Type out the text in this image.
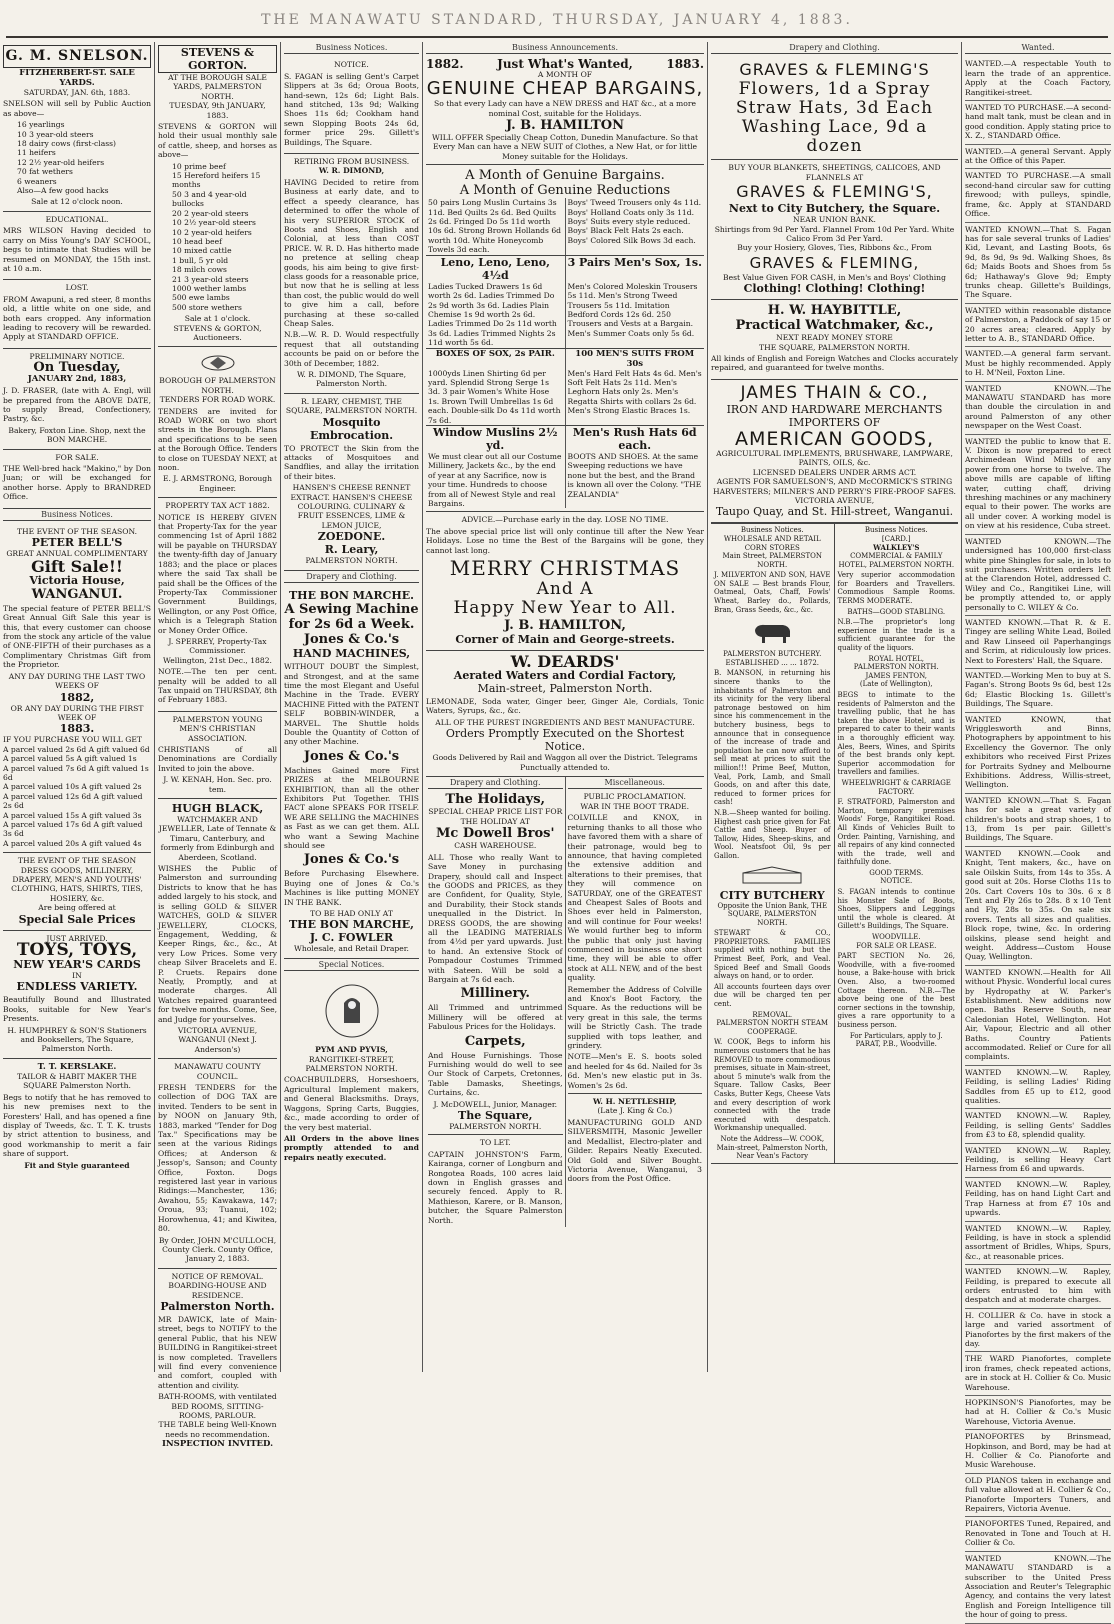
THE MANAWATU STANDARD, THURSDAY, JANUARY 4, 1883.
G. M. SNELSON.
FITZHERBERT-ST. SALE YARDS.
SATURDAY, JAN. 6th, 1883.
SNELSON will sell by Public Auction as above—
16 yearlings
10 3 year-old steers
18 dairy cows (first-class)
11 heifers
12 2½ year-old heifers
70 fat wethers
6 weaners
Also—A few good hacks
Sale at 12 o'clock noon.
EDUCATIONAL.
MRS WILSON Having decided to carry on Miss Young's DAY SCHOOL, begs to intimate that Studies will be resumed on MONDAY, the 15th inst. at 10 a.m.
LOST.
FROM Awapuni, a red steer, 8 months old, a little white on one side, and both ears cropped. Any information leading to recovery will be rewarded. Apply at STANDARD OFFICE.
PRELIMINARY NOTICE.
On Tuesday,
JANUARY 2nd, 1883,
J. D. FRASER, (late with A. Engl, will be prepared from the ABOVE DATE, to supply Bread, Confectionery, Pastry, &c.
Bakery, Foxton Line. Shop, next the BON MARCHE.
FOR SALE.
THE Well-bred hack "Makino," by Don Juan; or will be exchanged for another horse. Apply to BRANDRED Office.
Business Notices.
THE EVENT OF THE SEASON.
PETER BELL'S
GREAT ANNUAL COMPLIMENTARY
Gift Sale!!
Victoria House,
WANGANUI.
The special feature of PETER BELL'S Great Annual Gift Sale this year is this, that every customer can choose from the stock any article of the value of ONE-FIFTH of their purchases as a Complimentary Christmas Gift from the Proprietor.
ANY DAY DURING THE LAST TWO WEEKS OF
1882,
OR ANY DAY DURING THE FIRST WEEK OF
1883.
IF YOU PURCHASE YOU WILL GET
A parcel valued 2s 6d A gift valued 6d
A parcel valued 5s A gift valued 1s
A parcel valued 7s 6d A gift valued 1s 6d
A parcel valued 10s A gift valued 2s
A parcel valued 12s 6d A gift valued 2s 6d
A parcel valued 15s A gift valued 3s
A parcel valued 17s 6d A gift valued 3s 6d
A parcel valued 20s A gift valued 4s
THE EVENT OF THE SEASON
DRESS GOODS, MILLINERY, DRAPERY, MEN'S AND YOUTHS' CLOTHING, HATS, SHIRTS, TIES, HOSIERY, &c.
Are being offered at
Special Sale Prices
JUST ARRIVED.
TOYS, TOYS,
NEW YEAR'S CARDS
IN
ENDLESS VARIETY.
Beautifully Bound and Illustrated Books, suitable for New Year's Presents.
H. HUMPHREY & SON'S Stationers and Booksellers, The Square, Palmerston North.
T. T. KERSLAKE.
TAILOR & HABIT MAKER THE SQUARE Palmerston North.
Begs to notify that he has removed to his new premises next to the Foresters' Hall, and has opened a fine display of Tweeds, &c. T. T. K. trusts by strict attention to business, and good workmanship to merit a fair share of support.
Fit and Style guaranteed
STEVENS & GORTON.
AT THE BOROUGH SALE YARDS, PALMERSTON NORTH.
TUESDAY, 9th JANUARY, 1883.
STEVENS & GORTON will hold their usual monthly sale of cattle, sheep, and horses as above—
10 prime beef
15 Hereford heifers 15 months
50 3 and 4 year-old bullocks
20 2 year-old steers
10 2½ year-old steers
10 2 year-old heifers
10 head beef
10 mixed cattle
1 bull, 5 yr old
18 milch cows
21 3 year-old steers
1000 wether lambs
500 ewe lambs
500 store wethers
Sale at 1 o'clock.
STEVENS & GORTON, Auctioneers.
BOROUGH OF PALMERSTON NORTH.
TENDERS FOR ROAD WORK.
TENDERS are invited for ROAD WORK on two short streets in the Borough. Plans and specifications to be seen at the Borough Office. Tenders to close on TUESDAY NEXT, at noon.
E. J. ARMSTRONG, Borough Engineer.
PROPERTY TAX ACT 1882.
NOTICE IS HEREBY GIVEN that Property-Tax for the year commencing 1st of April 1882 will be payable on THURSDAY the twenty-fifth day of January 1883; and the place or places where the said Tax shall be paid shall be the Offices of the Property-Tax Commissioner Government Buildings, Wellington, or any Post Office, which is a Telegraph Station or Money Order Office.
J. SPERREY, Property-Tax Commissioner.
Wellington, 21st Dec., 1882.
NOTE.—The ten per cent. penalty will be added to all Tax unpaid on THURSDAY, 8th of February 1883.
PALMERSTON YOUNG MEN'S CHRISTIAN ASSOCIATION.
CHRISTIANS of all Denominations are Cordially Invited to join the above.
J. W. KENAH, Hon. Sec. pro. tem.
HUGH BLACK,
WATCHMAKER AND JEWELLER, Late of Tennate & Timaru, Canterbury, and formerly from Edinburgh and Aberdeen, Scotland.
WISHES the Public of Palmerston and surrounding Districts to know that he has added largely to his stock, and is selling GOLD & SILVER WATCHES, GOLD & SILVER JEWELLERY, CLOCKS, Engagement, Wedding, & Keeper Rings, &c., &c., At very Low Prices. Some very cheap Silver Bracelets and E. P. Cruets. Repairs done Neatly, Promptly, and at moderate charges. All Watches repaired guaranteed for twelve months. Come, See, and Judge for yourselves.
VICTORIA AVENUE, WANGANUI (Next J. Anderson's)
MANAWATU COUNTY COUNCIL.
FRESH TENDERS for the collection of DOG TAX are invited. Tenders to be sent in by NOON on January 9th, 1883, marked "Tender for Dog Tax." Specifications may be seen at the various Ridings Offices; at Anderson & Jessop's, Sanson; and County Office, Foxton. Dogs registered last year in various Ridings:—Manchester, 136; Awahou, 55; Kawakawa, 147; Oroua, 93; Tuanui, 102; Horowhenua, 41; and Kiwitea, 80.
By Order, JOHN M'CULLOCH, County Clerk. County Office, January 2, 1883.
NOTICE OF REMOVAL.
BOARDING-HOUSE AND RESIDENCE.
Palmerston North.
MR DAWICK, late of Main-street, begs to NOTIFY to the general Public, that his NEW BUILDING in Rangitikei-street is now completed. Travellers will find every convenience and comfort, coupled with attention and civility.
BATH-ROOMS, with ventilated BED ROOMS, SITTING-ROOMS, PARLOUR.
THE TABLE being Well-Known needs no recommendation.
INSPECTION INVITED.
Business Notices.
NOTICE.
S. FAGAN is selling Gent's Carpet Slippers at 3s 6d; Oroua Boots, hand-sewn, 12s 6d; Light Bals. hand stitched, 13s 9d; Walking Shoes 11s 6d; Cookham hand sewn Slopping Boots 24s 6d, former price 29s. Gillett's Buildings, The Square.
RETIRING FROM BUSINESS.
W. R. DIMOND,
HAVING Decided to retire from Business at early date, and to effect a speedy clearance, has determined to offer the whole of his very SUPERIOR STOCK of Boots and Shoes, English and Colonial, at less than COST PRICE. W. R. D. Has hitherto made no pretence at selling cheap goods, his aim being to give first-class goods for a reasonable price, but now that he is selling at less than cost, the public would do well to give him a call, before purchasing at these so-called Cheap Sales.
N.B.—W. R. D. Would respectfully request that all outstanding accounts be paid on or before the 30th of December, 1882.
W. R. DIMOND, The Square, Palmerston North.
R. LEARY, CHEMIST, THE SQUARE, PALMERSTON NORTH.
Mosquito Embrocation.
TO PROTECT the Skin from the attacks of Mosquitoes and Sandflies, and allay the irritation of their bites.
HANSEN'S CHEESE RENNET EXTRACT. HANSEN'S CHEESE COLOURING. CULINARY & FRUIT ESSENCES, LIME & LEMON JUICE,
ZOEDONE.
R. Leary,
PALMERSTON NORTH.
Drapery and Clothing.
THE BON MARCHE.
A Sewing Machine for 2s 6d a Week.
Jones & Co.'s
HAND MACHINES,
WITHOUT DOUBT the Simplest, and Strongest, and at the same time the most Elegant and Useful Machine in the Trade. EVERY MACHINE Fitted with the PATENT SELF BOBBIN-WINDER, a MARVEL. The Shuttle holds Double the Quantity of Cotton of any other Machine.
Jones & Co.'s
Machines Gained more First PRIZES at the MELBOURNE EXHIBITION, than all the other Exhibitors Put Together. THIS FACT alone SPEAKS FOR ITSELF. WE ARE SELLING the MACHINES as Fast as we can get them. ALL who want a Sewing Machine should see
Jones & Co.'s
Before Purchasing Elsewhere. Buying one of Jones & Co.'s Machines is like putting MONEY IN THE BANK.
TO BE HAD ONLY AT
THE BON MARCHE,
J. C. FOWLER
Wholesale, and Retail Draper.
Special Notices.
PYM AND PYVIS,
RANGITIKEI-STREET, PALMERSTON NORTH.
COACHBUILDERS, Horseshoers, Agricultural Implement makers, and General Blacksmiths. Drays, Waggons, Spring Carts, Buggies, &c., made according to order of the very best material.
All Orders in the above lines promptly attended to and repairs neatly executed.
Business Announcements.
1882.	Just What's Wanted,	1883.
A MONTH OF
GENUINE CHEAP BARGAINS,
So that every Lady can have a NEW DRESS and HAT &c., at a more nominal Cost, suitable for the Holidays.
J. B. HAMILTON
WILL OFFER Specially Cheap Cotton, Dunedin Manufacture. So that Every Man can have a NEW SUIT of Clothes, a New Hat, or for little Money suitable for the Holidays.
A Month of Genuine Bargains.
A Month of Genuine Reductions
50 pairs Long Muslin Curtains 3s 11d. Bed Quilts 2s 6d. Bed Quilts 2s 6d. Fringed Do 5s 11d worth 10s 6d. Strong Brown Hollands 6d worth 10d. White Honeycomb Towels 3d each.
Boys' Tweed Trousers only 4s 11d. Boys' Holland Coats only 3s 11d. Boys' Suits every style reduced. Boys' Black Felt Hats 2s each. Boys' Colored Silk Bows 3d each.
Leno, Leno, Leno, 4½d
3 Pairs Men's Sox, 1s.
Ladies Tucked Drawers 1s 6d worth 2s 6d. Ladies Trimmed Do 2s 9d worth 3s 6d. Ladies Plain Chemise 1s 9d worth 2s 6d. Ladies Trimmed Do 2s 11d worth 3s 6d. Ladies Trimmed Nights 2s 11d worth 5s 6d.
Men's Colored Moleskin Trousers 5s 11d. Men's Strong Tweed Trousers 5s 11d. Imitation Bedford Cords 12s 6d. 250 Trousers and Vests at a Bargain. Men's Summer Coats only 5s 6d.
BOXES OF SOX, 2s PAIR.	100 MEN'S SUITS FROM 30s
1000yds Linen Shirting 6d per yard. Splendid Strong Serge 1s 3d. 3 pair Women's White Hose 1s. Brown Twill Umbrellas 1s 6d each. Double-silk Do 4s 11d worth 7s 6d.
Men's Hard Felt Hats 4s 6d. Men's Soft Felt Hats 2s 11d. Men's Leghorn Hats only 2s. Men's Regatta Shirts with collars 2s 6d. Men's Strong Elastic Braces 1s.
Window Muslins 2½ yd.
Men's Rush Hats 6d each.
We must clear out all our Costume Millinery, Jackets &c., by the end of year at any Sacrifice, now is your time. Hundreds to choose from all of Newest Style and real Bargains.
BOOTS AND SHOES. At the same Sweeping reductions we have none but the best, and the Brand is known all over the Colony. "THE ZEALANDIA"
ADVICE.—Purchase early in the day. LOSE NO TIME.
The above special price list will only continue till after the New Year Holidays. Lose no time the Best of the Bargains will be gone, they cannot last long.
MERRY CHRISTMAS
And A
Happy New Year to All.
J. B. HAMILTON,
Corner of Main and George-streets.
W. DEARDS'
Aerated Waters and Cordial Factory,
Main-street, Palmerston North.
LEMONADE, Soda water, Ginger beer, Ginger Ale, Cordials, Tonic Waters, Syrups, &c., &c.
ALL OF THE PUREST INGREDIENTS AND BEST MANUFACTURE.
Orders Promptly Executed on the Shortest Notice.
Goods Delivered by Rail and Waggon all over the District. Telegrams Punctually attended to.
Drapery and Clothing.
The Holidays,
SPECIAL CHEAP PRICE LIST FOR THE HOLIDAY AT
Mc Dowell Bros'
CASH WAREHOUSE.
ALL Those who really Want to Save Money in purchasing Drapery, should call and Inspect the GOODS and PRICES, as they are Confident, for Quality, Style, and Durability, their Stock stands unequalled in the District. In DRESS GOODS, the are showing all the LEADING MATERIALS from 4½d per yard upwards. Just to hand. An extensive Stock of Pompadour Costumes Trimmed with Sateen. Will be sold a Bargain at 7s 6d each.
Millinery.
All Trimmed and untrimmed Millinery will be offered at Fabulous Prices for the Holidays.
Carpets,
And House Furnishings. Those Furnishing would do well to see Our Stock of Carpets, Cretonnes, Table Damasks, Sheetings, Curtains, &c.
J. McDOWELL, Junior, Manager.
The Square,
PALMERSTON NORTH.
TO LET.
CAPTAIN JOHNSTON'S Farm, Kairanga, corner of Longburn and Rongotea Roads, 100 acres laid down in English grasses and securely fenced. Apply to R. Mathieson, Karere, or B. Manson, butcher, the Square Palmerston North.
Miscellaneous.
PUBLIC PROCLAMATION.
WAR IN THE BOOT TRADE.
COLVILLE and KNOX, in returning thanks to all those who have favored them with a share of their patronage, would beg to announce, that having completed the extensive addition and alterations to their premises, that they will commence on SATURDAY, one of the GREATEST and Cheapest Sales of Boots and Shoes ever held in Palmerston, and will continue for Four weeks! We would further beg to inform the public that only just having commenced in business one short time, they will be able to offer stock at ALL NEW, and of the best quality.
Remember the Address of Colville and Knox's Boot Factory, the Square. As the reductions will be very great in this sale, the terms will be Strictly Cash. The trade supplied with tops leather, and grindery.
NOTE—Men's E. S. boots soled and heeled for 4s 6d. Nailed for 3s 6d. Men's new elastic put in 3s. Women's 2s 6d.
W. H. NETTLESHIP,
(Late J. King & Co.)
MANUFACTURING GOLD AND SILVERSMITH, Masonic Jeweller and Medallist, Electro-plater and Gilder. Repairs Neatly Executed. Old Gold and Silver Bought. Victoria Avenue, Wanganui, 3 doors from the Post Office.
Drapery and Clothing.
GRAVES & FLEMING'S
Flowers, 1d a Spray
Straw Hats, 3d Each
Washing Lace, 9d a dozen
BUY YOUR BLANKETS, SHEETINGS, CALICOES, AND FLANNELS AT
GRAVES & FLEMING'S,
Next to City Butchery, the Square.
NEAR UNION BANK.
Shirtings from 9d Per Yard. Flannel From 10d Per Yard. White Calico From 3d Per Yard.
Buy your Hosiery, Gloves, Ties, Ribbons &c., From
GRAVES & FLEMING,
Best Value Given FOR CASH, in Men's and Boys' Clothing
Clothing! Clothing! Clothing!
H. W. HAYBITTLE,
Practical Watchmaker, &c.,
NEXT READY MONEY STORE
THE SQUARE, PALMERSTON NORTH.
All kinds of English and Foreign Watches and Clocks accurately repaired, and guaranteed for twelve months.
JAMES THAIN & CO.,
IRON AND HARDWARE MERCHANTS
IMPORTERS OF
AMERICAN GOODS,
AGRICULTURAL IMPLEMENTS, BRUSHWARE, LAMPWARE, PAINTS, OILS, &c.
LICENSED DEALERS UNDER ARMS ACT.
AGENTS FOR SAMUELSON'S, AND McCORMICK'S STRING HARVESTERS; MILNER'S AND PERRY'S FIRE-PROOF SAFES.
VICTORIA AVENUE,
Taupo Quay, and St. Hill-street, Wanganui.
Business Notices.
WHOLESALE AND RETAIL CORN STORES
Main Street, PALMERSTON NORTH.
J. MILVERTON AND SON, HAVE ON SALE — Best brands Flour, Oatmeal, Oats, Chaff, Fowls' Wheat, Barley do., Pollards, Bran, Grass Seeds, &c., &c.
PALMERSTON BUTCHERY.
ESTABLISHED ... ... 1872.
B. MANSON, in returning his sincere thanks to the inhabitants of Palmerston and its vicinity for the very liberal patronage bestowed on him since his commencement in the butchery business, begs to announce that in consequence of the increase of trade and population he can now afford to sell meat at prices to suit the million!!! Prime Beef, Mutton, Veal, Pork, Lamb, and Small Goods, on and after this date, reduced to former prices for cash!
N.B.—Sheep wanted for boiling. Highest cash price given for Fat Cattle and Sheep. Buyer of Tallow, Hides, Sheep-skins, and Wool. Neatsfoot Oil, 9s per Gallon.
CITY BUTCHERY
Opposite the Union Bank, THE SQUARE, PALMERSTON NORTH.
STEWART & CO., PROPRIETORS. FAMILIES supplied with nothing but the Primest Beef, Pork, and Veal. Spiced Beef and Small Goods always on hand, or to order.
All accounts fourteen days over due will be charged ten per cent.
REMOVAL.
PALMERSTON NORTH STEAM COOPERAGE.
W. COOK, Begs to inform his numerous customers that he has REMOVED to more commodious premises, situate in Main-street, about 5 minute's walk from the Square. Tallow Casks, Beer Casks, Butter Kegs, Cheese Vats and every description of work connected with the trade executed with despatch. Workmanship unequalled.
Note the Address—W. COOK, Main-street, Palmerston North, Near Vean's Factory
Business Notices.
[CARD.]
WALKLEY'S
COMMERCIAL & FAMILY HOTEL, PALMERSTON NORTH.
Very superior accommodation for Boarders and Travellers. Commodious Sample Rooms. TERMS MODERATE.
BATHS—GOOD STABLING.
N.B.—The proprietor's long experience in the trade is a sufficient guarantee for the quality of the liquors.
ROYAL HOTEL,
PALMERSTON NORTH.
JAMES FENTON,
(Late of Wellington),
BEGS to intimate to the residents of Palmerston and the travelling public, that he has taken the above Hotel, and is prepared to cater to their wants in a thoroughly efficient way. Ales, Beers, Wines, and Spirits of the best brands only kept. Superior accommodation for travellers and families.
WHEELWRIGHT & CARRIAGE FACTORY.
F. STRATFORD, Palmerston and Marton, temporary premises Woods' Forge, Rangitikei Road. All Kinds of Vehicles Built to Order. Painting, Varnishing, and all repairs of any kind connected with the trade, well and faithfully done.
GOOD TERMS.
NOTICE.
S. FAGAN intends to continue his Monster Sale of Boots, Shoes, Slippers and Leggings until the whole is cleared. At Gillett's Buildings, The Square.
WOODVILLE.
FOR SALE OR LEASE.
PART SECTION No. 26, Woodville, with a five-roomed house, a Bake-house with brick Oven. Also, a two-roomed Cottage thereon. N.B.—The above being one of the best corner sections in the township, gives a rare opportunity to a business person.
For Particulars, apply to J. PARAT, P.B., Woodville.
Wanted.
WANTED.—A respectable Youth to learn the trade of an apprentice. Apply at the Coach Factory, Rangitikei-street.
WANTED TO PURCHASE.—A second-hand malt tank, must be clean and in good condition. Apply stating price to X. Z., STANDARD Office.
WANTED.—A general Servant. Apply at the Office of this Paper.
WANTED TO PURCHASE.—A small second-hand circular saw for cutting firewood; with pulleys, spindle, frame, &c. Apply at STANDARD Office.
WANTED KNOWN.—That S. Fagan has for sale several trunks of Ladies' Kid, Levant, and Lasting Boots, 6s 9d, 8s 9d, 9s 9d. Walking Shoes, 8s 6d; Maids Boots and Shoes from 5s 6d; Hathaway's Glove 9d; Empty trunks cheap. Gillette's Buildings, The Square.
WANTED within reasonable distance of Palmerston, a Paddock of say 15 or 20 acres area; cleared. Apply by letter to A. B., STANDARD Office.
WANTED.—A general farm servant. Must be highly recommended. Apply to H. M'Neil, Foxton Line.
WANTED KNOWN.—The MANAWATU STANDARD has more than double the circulation in and around Palmerston of any other newspaper on the West Coast.
WANTED the public to know that E. V. Dixon is now prepared to erect Archimedean Wind Mills of any power from one horse to twelve. The above mills are capable of lifting water, cutting chaff, driving threshing machines or any machinery equal to their power. The works are all under cover. A working model is on view at his residence, Cuba street.
WANTED KNOWN.—The undersigned has 100,000 first-class white pine Shingles for sale, in lots to suit purchasers. Written orders left at the Clarendon Hotel, addressed C. Wiley and Co., Rangitikei Line, will be promptly attended to, or apply personally to C. WILEY & Co.
WANTED KNOWN.—That R. & E. Tingey are selling White Lead, Boiled and Raw Linseed oil Paperhangings and Scrim, at ridiculously low prices. Next to Foresters' Hall, the Square.
WANTED.—Working Men to buy at S. Fagan's. Strong Boots 9s 6d, best 12s 6d; Elastic Blocking 1s. Gillett's Buildings, The Square.
WANTED KNOWN, that Wrigglesworth and Binns, Photographers by appointment to his Excellency the Governor. The only exhibitors who received First Prizes for Portraits Sydney and Melbourne Exhibitions. Address, Willis-street, Wellington.
WANTED KNOWN.—That S. Fagan has for sale a great variety of children's boots and strap shoes, 1 to 13, from 1s per pair. Gillett's Buildings, The Square.
WANTED KNOWN.—Cook and Knight, Tent makers, &c., have on sale Oilskin Suits, from 14s to 35s. A good suit at 20s. Horse Cloths 11s to 20s. Cart Covers 10s to 30s. 6 x 8 Tent and Fly 26s to 28s. 8 x 10 Tent and Fly, 28s to 35s. On sale six rovers. Tents all sizes and qualities. Block rope, twine, &c. In ordering oilskins, please send height and weight. Address—Custom House Quay, Wellington.
WANTED KNOWN.—Health for All without Physic. Wonderful local cures by Hydropathy at W. Parker's Establishment. New additions now open. Baths Reserve South, near Caledonian Hotel, Wellington. Hot Air, Vapour, Electric and all other Baths. Country Patients accommodated. Relief or Cure for all complaints.
WANTED KNOWN.—W. Rapley, Feilding, is selling Ladies' Riding Saddles from £5 up to £12, good qualities.
WANTED KNOWN.—W. Rapley, Feilding, is selling Gents' Saddles from £3 to £8, splendid quality.
WANTED KNOWN.—W. Rapley, Feilding, is selling Heavy Cart Harness from £6 and upwards.
WANTED KNOWN.—W. Rapley, Feilding, has on hand Light Cart and Trap Harness at from £7 10s and upwards.
WANTED KNOWN.—W. Rapley, Feilding, is have in stock a splendid assortment of Bridles, Whips, Spurs, &c., at reasonable prices.
WANTED KNOWN.—W. Rapley, Feilding, is prepared to execute all orders entrusted to him with despatch and at moderate charges.
H. COLLIER & Co. have in stock a large and varied assortment of Pianofortes by the first makers of the day.
THE WARD Pianofortes, complete iron frames, check repeated actions, are in stock at H. Collier & Co. Music Warehouse.
HOPKINSON'S Pianofortes, may be had at H. Collier & Co.'s Music Warehouse, Victoria Avenue.
PIANOFORTES by Brinsmead, Hopkinson, and Bord, may be had at H. Collier & Co. Pianoforte and Music Warehouse.
OLD PIANOS taken in exchange and full value allowed at H. Collier & Co., Pianoforte Importers Tuners, and Repairers, Victoria Avenue.
PIANOFORTES Tuned, Repaired, and Renovated in Tone and Touch at H. Collier & Co.
WANTED KNOWN.—The MANAWATU STANDARD is a subscriber to the United Press Association and Reuter's Telegraphic Agency, and contains the very latest English and Foreign Intelligence till the hour of going to press.
